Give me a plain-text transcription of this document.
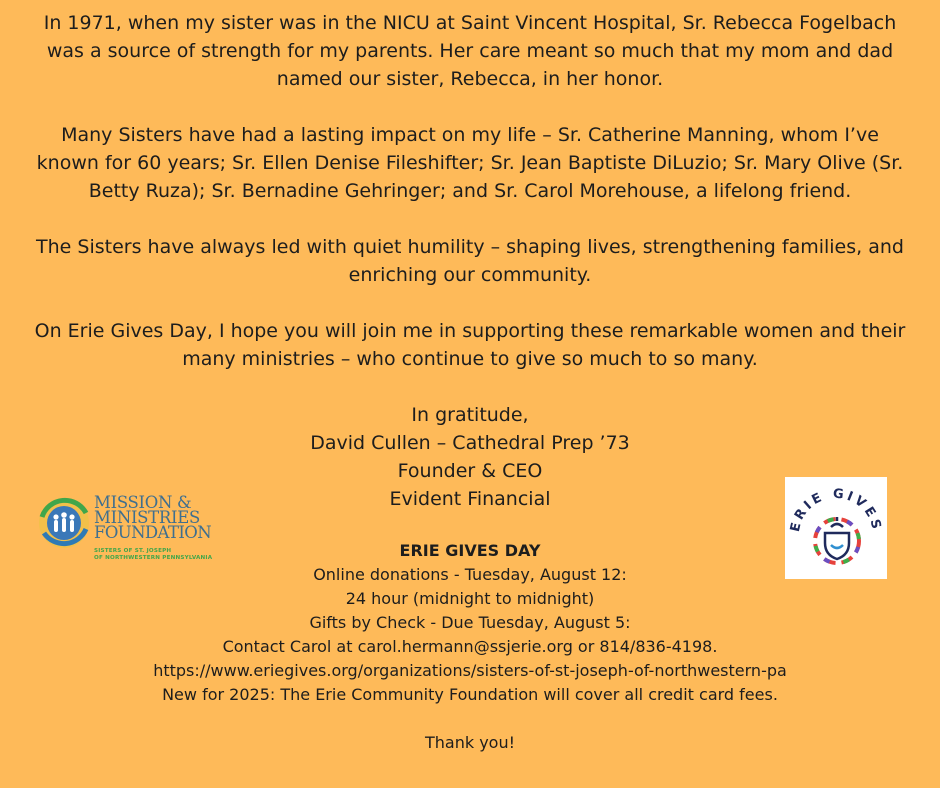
In 1971, when my sister was in the NICU at Saint Vincent Hospital, Sr. Rebecca Fogelbach was a source of strength for my parents. Her care meant so much that my mom and dad named our sister, Rebecca, in her honor.

Many Sisters have had a lasting impact on my life – Sr. Catherine Manning, whom I’ve known for 60 years; Sr. Ellen Denise Fileshifter; Sr. Jean Baptiste DiLuzio; Sr. Mary Olive (Sr. Betty Ruza); Sr. Bernadine Gehringer; and Sr. Carol Morehouse, a lifelong friend.

The Sisters have always led with quiet humility – shaping lives, strengthening families, and enriching our community.

On Erie Gives Day, I hope you will join me in supporting these remarkable women and their many ministries – who continue to give so much to so many.

In gratitude,
David Cullen – Cathedral Prep ’73
Founder & CEO
Evident Financial
ERIE GIVES DAY
Online donations - Tuesday, August 12:
24 hour (midnight to midnight)
Gifts by Check - Due Tuesday, August 5:
Contact Carol at carol.hermann@ssjerie.org or 814/836-4198.
https://www.eriegives.org/organizations/sisters-of-st-joseph-of-northwestern-pa
New for 2025: The Erie Community Foundation will cover all credit card fees.
Thank you!
MISSION &
MINISTRIES
FOUNDATION
SISTERS OF ST. JOSEPH
OF NORTHWESTERN PENNSYLVANIA
ERIE GIVES
